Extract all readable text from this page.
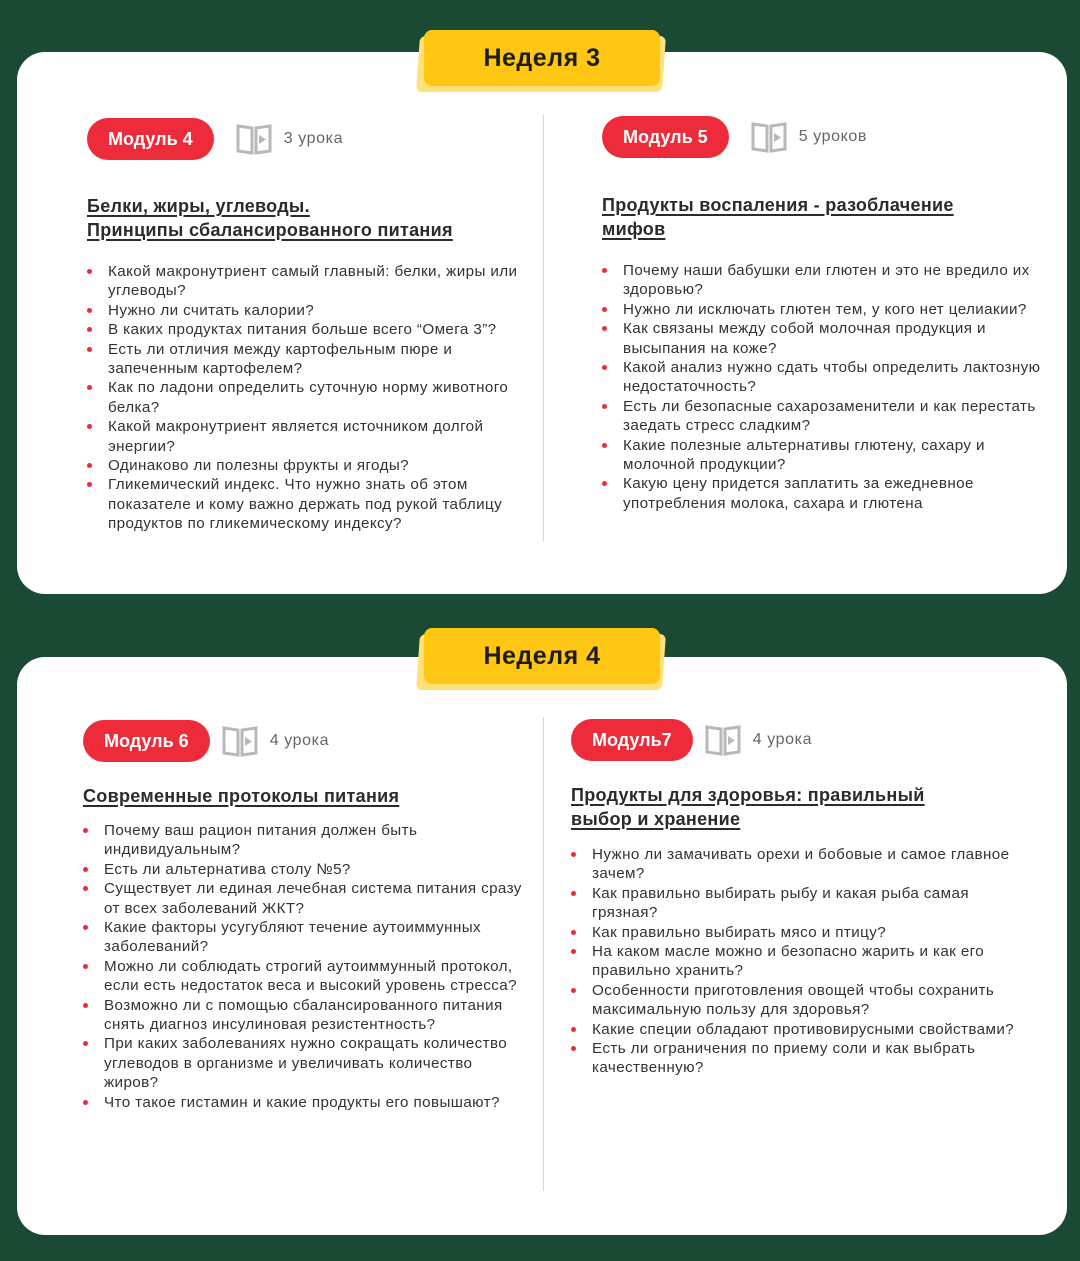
Модуль 4	3 урока
Белки, жиры, углеводы.
Принципы сбалансированного питания
Какой макронутриент самый главный: белки, жиры или углеводы?
Нужно ли считать калории?
В каких продуктах питания больше всего “Омега 3”?
Есть ли отличия между картофельным пюре и запеченным картофелем?
Как по ладони определить суточную норму животного белка?
Какой макронутриент является источником долгой энергии?
Одинаково ли полезны фрукты и ягоды?
Гликемический индекс. Что нужно знать об этом показателе и кому важно держать под рукой таблицу продуктов по гликемическому индексу?
Модуль 5	5 уроков
Продукты воспаления - разоблачение
мифов
Почему наши бабушки ели глютен и это не вредило их здоровью?
Нужно ли исключать глютен тем, у кого нет целиакии?
Как связаны между собой молочная продукция и высыпания на коже?
Какой анализ нужно сдать чтобы определить лактозную недостаточность?
Есть ли безопасные сахарозаменители и как перестать заедать стресс сладким?
Какие полезные альтернативы глютену, сахару и молочной продукции?
Какую цену придется заплатить за ежедневное употребления молока, сахара и глютена
Модуль 6	4 урока
Современные протоколы питания
Почему ваш рацион питания должен быть индивидуальным?
Есть ли альтернатива столу №5?
Существует ли единая лечебная система питания сразу от всех заболеваний ЖКТ?
Какие факторы усугубляют течение аутоиммунных заболеваний?
Можно ли соблюдать строгий аутоиммунный протокол, если есть недостаток веса и высокий уровень стресса?
Возможно ли с помощью сбалансированного питания снять диагноз инсулиновая резистентность?
При каких заболеваниях нужно сокращать количество углеводов в организме и увеличивать количество жиров?
Что такое гистамин и какие продукты его повышают?
Модуль7	4 урока
Продукты для здоровья: правильный
выбор и хранение
Нужно ли замачивать орехи и бобовые и самое главное зачем?
Как правильно выбирать рыбу и какая рыба самая грязная?
Как правильно выбирать мясо и птицу?
На каком масле можно и безопасно жарить и как его правильно хранить?
Особенности приготовления овощей чтобы сохранить максимальную пользу для здоровья?
Какие специи обладают противовирусными свойствами?
Есть ли ограничения по приему соли и как выбрать качественную?
Неделя 3
Неделя 4
